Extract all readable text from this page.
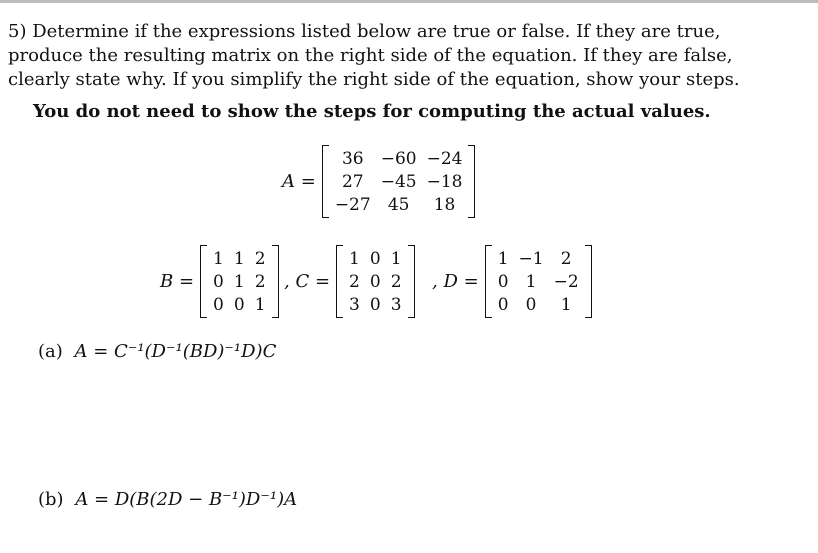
5) Determine if the expressions listed below are true or false. If they are true, produce the resulting matrix on the right side of the equation. If they are false, clearly state why. If you simplify the right side of the equation, show your steps.
You do not need to show the steps for computing the actual values.
A =
36	−60	−24
27	−45	−18
−27	45	18
B =
1	1	2
0	1	2
0	0	1
, C =
1	0	1
2	0	2
3	0	3
, D =
1	−1	2
0	1	−2
0	0	1
(a) A = C⁻¹(D⁻¹(BD)⁻¹D)C
(b) A = D(B(2D − B⁻¹)D⁻¹)A
